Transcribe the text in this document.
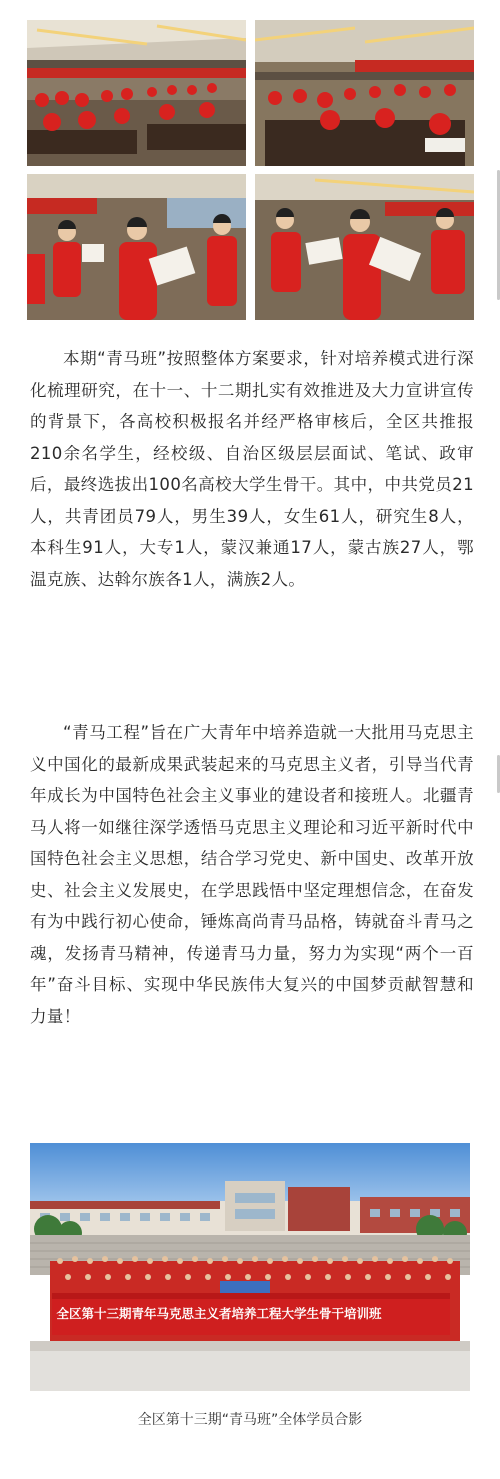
本期“青马班”按照整体方案要求，针对培养模式进行深化梳理研究，在十一、十二期扎实有效推进及大力宣讲宣传的背景下，各高校积极报名并经严格审核后，全区共推报210余名学生，经校级、自治区级层层面试、笔试、政审后，最终选拔出100名高校大学生骨干。其中，中共党员21人，共青团员79人，男生39人，女生61人，研究生8人，本科生91人，大专1人，蒙汉兼通17人，蒙古族27人，鄂温克族、达斡尔族各1人，满族2人。

“青马工程”旨在广大青年中培养造就一大批用马克思主义中国化的最新成果武装起来的马克思主义者，引导当代青年成长为中国特色社会主义事业的建设者和接班人。北疆青马人将一如继往深学透悟马克思主义理论和习近平新时代中国特色社会主义思想，结合学习党史、新中国史、改革开放史、社会主义发展史，在学思践悟中坚定理想信念，在奋发有为中践行初心使命，锤炼高尚青马品格，铸就奋斗青马之魂，发扬青马精神，传递青马力量，努力为实现“两个一百年”奋斗目标、实现中华民族伟大复兴的中国梦贡献智慧和力量！

全区第十三期青年马克思主义者培养工程大学生骨干培训班
全区第十三期“青马班”全体学员合影
